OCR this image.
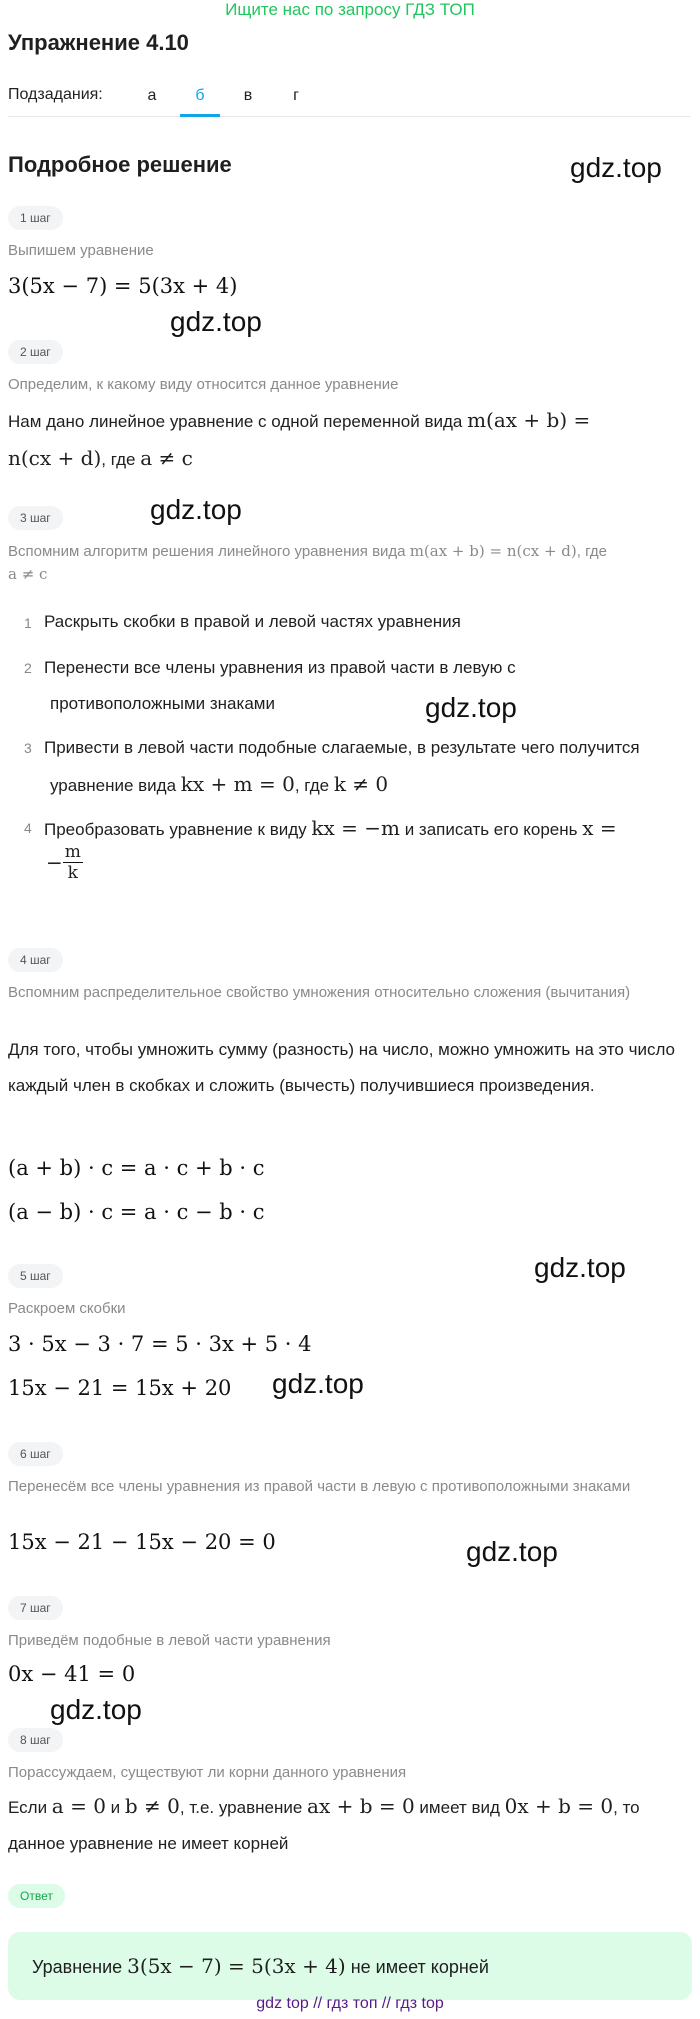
Ищите нас по запросу ГДЗ ТОП
Упражнение 4.10
Подзадания:	а	б	в	г
Подробное решение	gdz.top
gdz.top
gdz.top
gdz.top
gdz.top
gdz.top
gdz.top
gdz.top
1 шаг
Выпишем уравнение
3(5x − 7) = 5(3x + 4)
2 шаг
Определим, к какому виду относится данное уравнение
Нам дано линейное уравнение с одной переменной вида m(ax + b) =
n(cx + d), где a ≠ c
3 шаг
Вспомним алгоритм решения линейного уравнения вида m(ax + b) = n(cx + d), где
a ≠ c
1 Раскрыть скобки в правой и левой частях уравнения
2 Перенести все члены уравнения из правой части в левую с
противоположными знаками
3 Привести в левой части подобные слагаемые, в результате чего получится
уравнение вида kx + m = 0, где k ≠ 0
4 Преобразовать уравнение к виду kx = −m и записать его корень x =
− $\frac{m}{k}$
4 шаг
Вспомним распределительное свойство умножения относительно сложения (вычитания)
Для того, чтобы умножить сумму (разность) на число, можно умножить на это число каждый член в скобках и сложить (вычесть) получившиеся произведения.
(a + b) · c = a · c + b · c
(a − b) · c = a · c − b · c
5 шаг
Раскроем скобки
3 · 5x − 3 · 7 = 5 · 3x + 5 · 4
15x − 21 = 15x + 20
6 шаг
Перенесём все члены уравнения из правой части в левую с противоположными знаками
15x − 21 − 15x − 20 = 0
7 шаг
Приведём подобные в левой части уравнения
0x − 41 = 0
8 шаг
Порассуждаем, существуют ли корни данного уравнения
Если a = 0 и b ≠ 0, т.е. уравнение ax + b = 0 имеет вид 0x + b = 0, то
данное уравнение не имеет корней
Ответ
Уравнение 3(5x − 7) = 5(3x + 4) не имеет корней
gdz top // гдз топ // гдз top
